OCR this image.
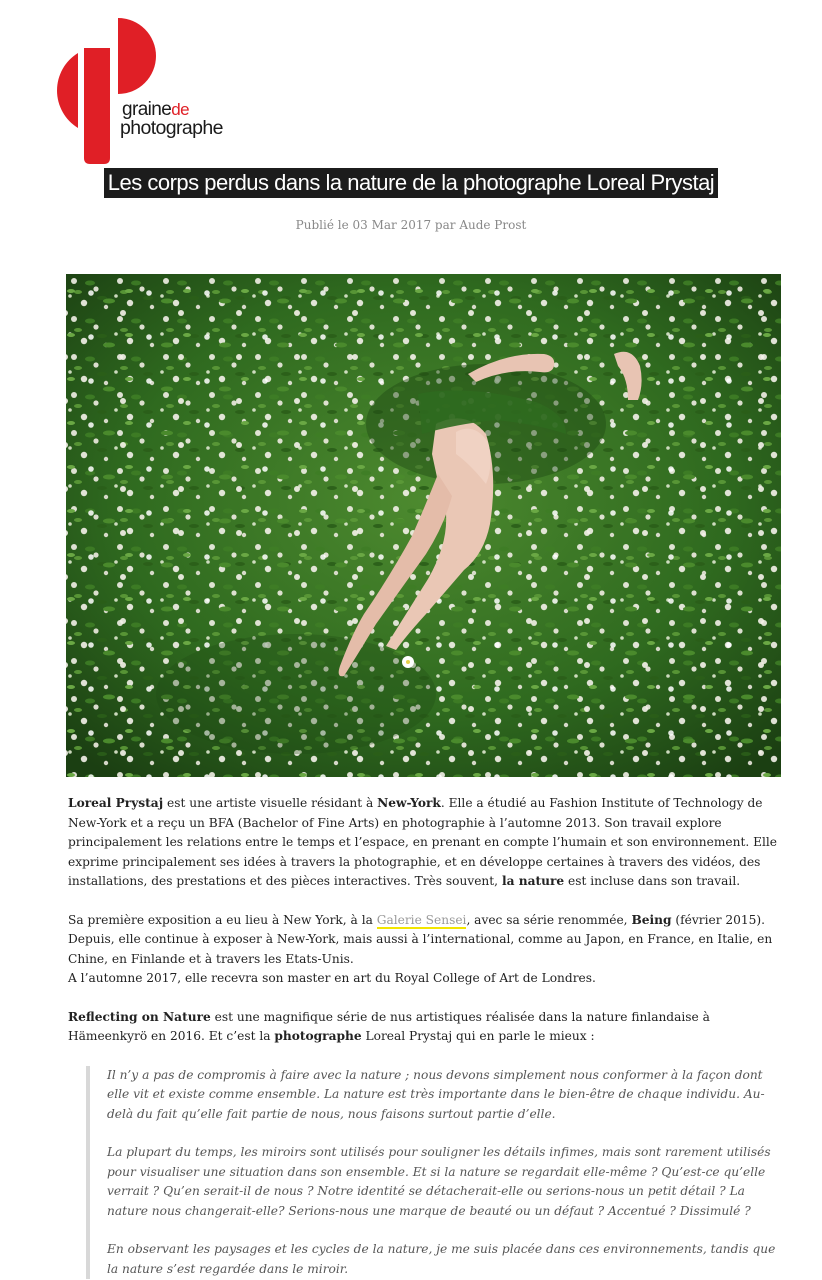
grainede
photographe
Les corps perdus dans la nature de la photographe Loreal Prystaj
Publié le 03 Mar 2017 par Aude Prost

Loreal Prystaj est une artiste visuelle résidant à New-York. Elle a étudié au Fashion Institute of Technology de New-York et a reçu un BFA (Bachelor of Fine Arts) en photographie à l’automne 2013. Son travail explore principalement les relations entre le temps et l’espace, en prenant en compte l’humain et son environnement. Elle exprime principalement ses idées à travers la photographie, et en développe certaines à travers des vidéos, des installations, des prestations et des pièces interactives. Très souvent, la nature est incluse dans son travail.

Sa première exposition a eu lieu à New York, à la Galerie Sensei, avec sa série renommée, Being (février 2015). Depuis, elle continue à exposer à New-York, mais aussi à l’international, comme au Japon, en France, en Italie, en Chine, en Finlande et à travers les Etats-Unis.
A l’automne 2017, elle recevra son master en art du Royal College of Art de Londres.

Reflecting on Nature est une magnifique série de nus artistiques réalisée dans la nature finlandaise à Hämeenkyrö en 2016. Et c’est la photographe Loreal Prystaj qui en parle le mieux :

Il n’y a pas de compromis à faire avec la nature ; nous devons simplement nous conformer à la façon dont elle vit et existe comme ensemble. La nature est très importante dans le bien-être de chaque individu. Au-delà du fait qu’elle fait partie de nous, nous faisons surtout partie d’elle.

La plupart du temps, les miroirs sont utilisés pour souligner les détails infimes, mais sont rarement utilisés pour visualiser une situation dans son ensemble. Et si la nature se regardait elle-même ? Qu’est-ce qu’elle verrait ? Qu’en serait-il de nous ? Notre identité se détacherait-elle ou serions-nous un petit détail ? La nature nous changerait-elle? Serions-nous une marque de beauté ou un défaut ? Accentué ? Dissimulé ?

En observant les paysages et les cycles de la nature, je me suis placée dans ces environnements, tandis que la nature s’est regardée dans le miroir.
